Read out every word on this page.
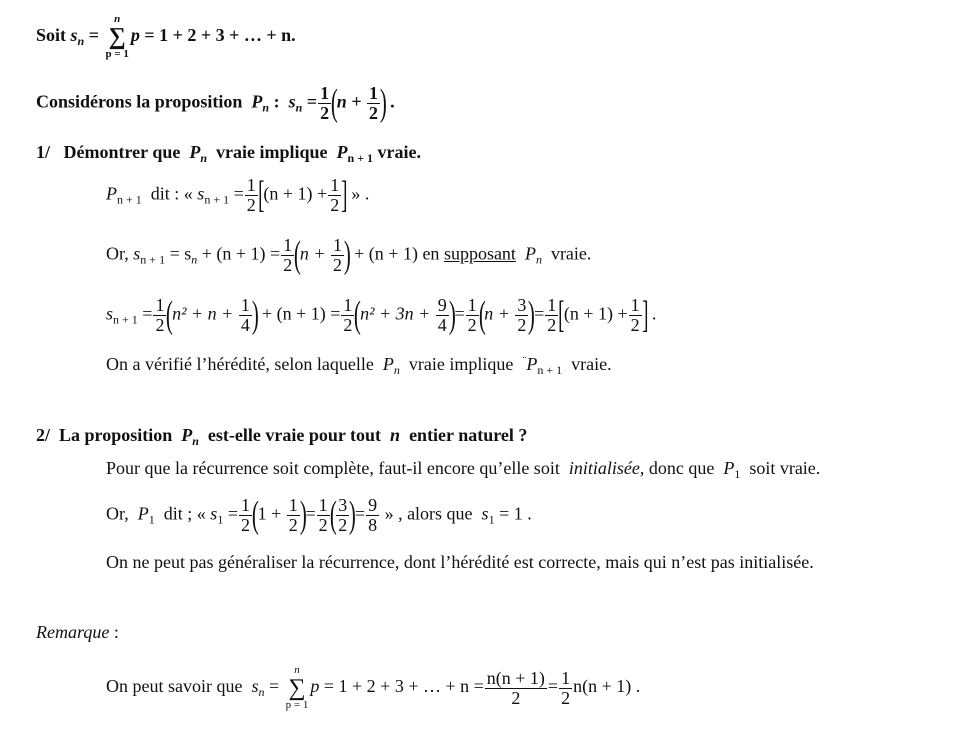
Soit $s_n$ =
n
∑
p = 1
p = 1 + 2 + 3 + … + n.
Considérons la proposition $P_n$ : $s_n = \frac{1}{2} (n + \frac{1}{2}$ ) .
1/ Démontrer que $P_n$ vraie implique $P_{n + 1}$ vraie.
$P_{n + 1}$ dit : « $s_{n + 1} = \frac{1}{2} [(n + 1) + \frac{1}{2}$ ] » .
Or, $s_{n + 1} = s_n + (n + 1) = \frac{1}{2} (n + \frac{1}{2}$ ) + (n + 1) en supposant $P_n$ vraie.
$s_{n + 1} = \frac{1}{2} (n^2 + n + \frac{1}{4}$ ) + $(n + 1) = \frac{1}{2} (n^2 + 3n + \frac{9}{4}$ )= $\frac{1}{2} (n + \frac{3}{2}$ )= $\frac{1}{2} [(n + 1) + \frac{1}{2}$ ] .
On a vérifié l’hérédité, selon laquelle $P_n$ vraie implique $^¨P_{n + 1}$ vraie.
2/ La proposition $P_n$ est-elle vraie pour tout n entier naturel ?
Pour que la récurrence soit complète, faut-il encore qu’elle soit initialisée, donc que $P_1$ soit vraie.
Or, $P_1$ dit ; « $s_1 = \frac{1}{2} (1 + \frac{1}{2}$ )= $\frac{1}{2}$ ( $\frac{3}{2}$ )= $\frac{9}{8}$ » , alors que $s_1 = 1$ .
On ne peut pas généraliser la récurrence, dont l’hérédité est correcte, mais qui n’est pas initialisée.
Remarque :
On peut savoir que $s_n$ =
n
∑
p = 1
p = 1 + 2 + 3 + … + $n = \frac{n(n + 1)}{2} = \frac{1}{2} n(n + 1)$ .
